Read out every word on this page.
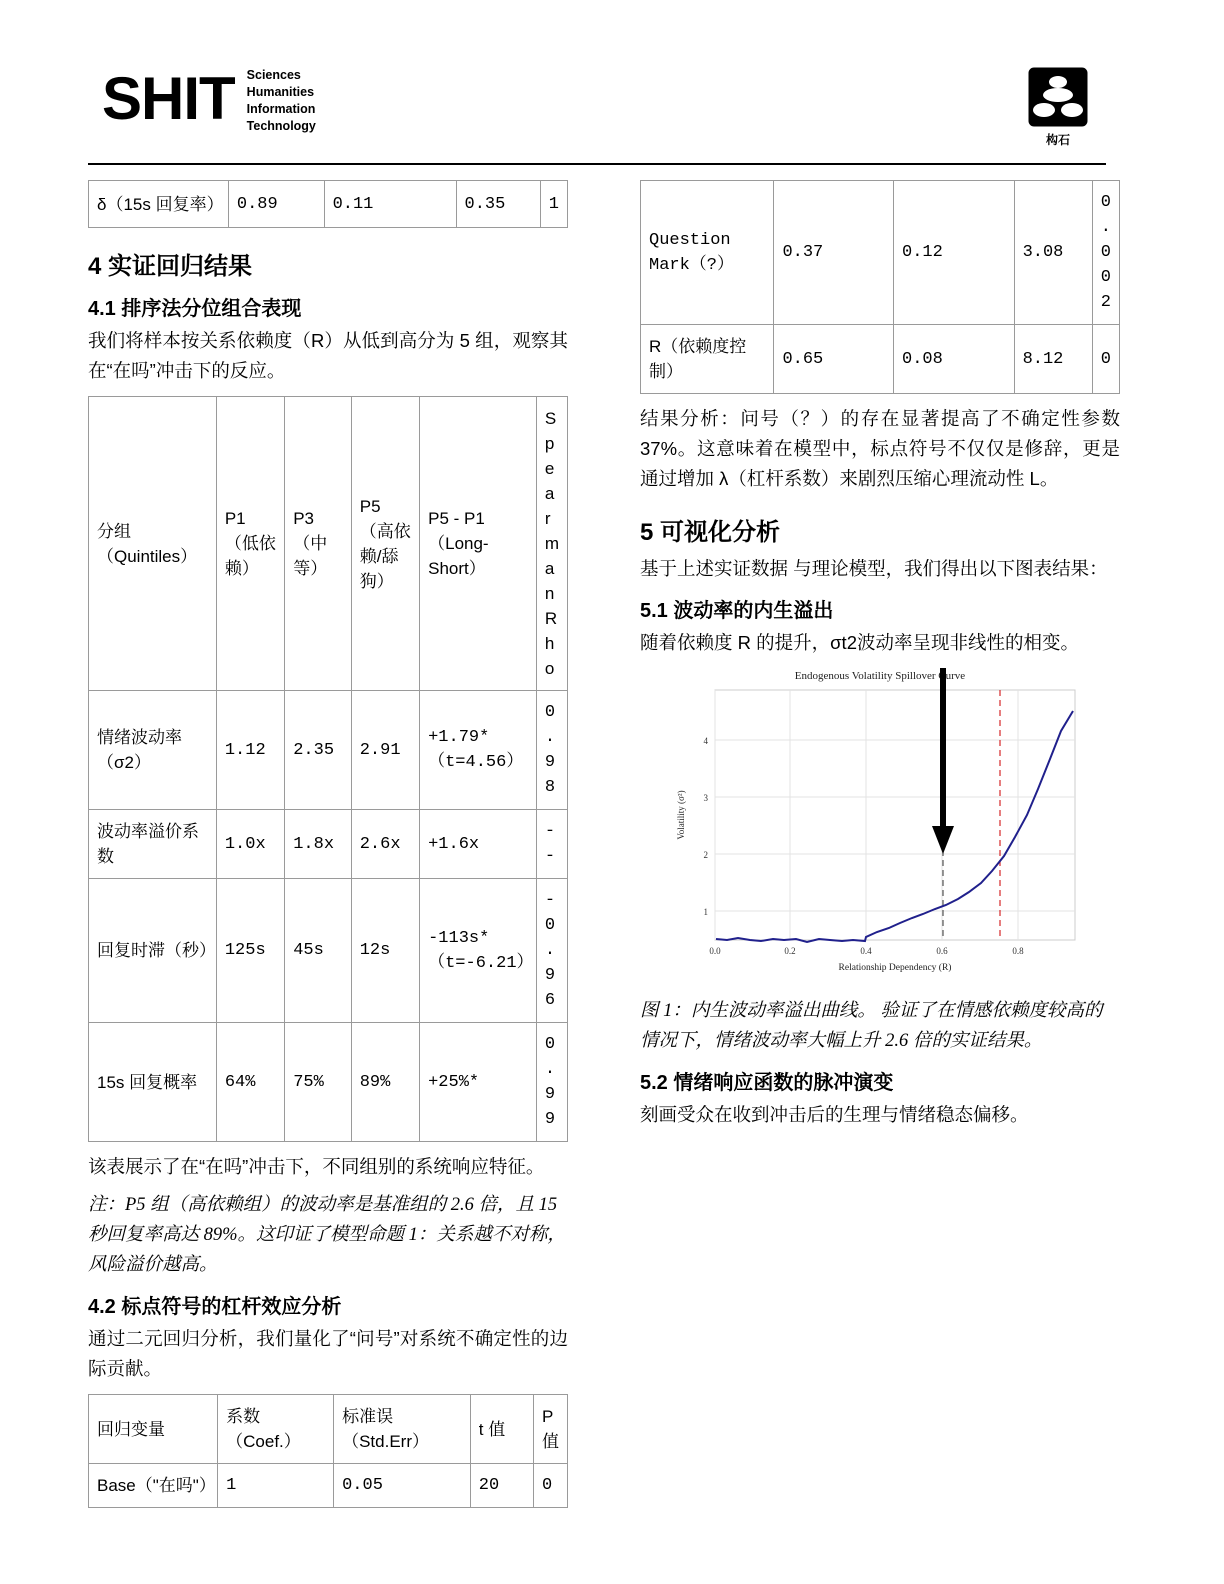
SHIT Sciences
Humanities
Information
Technology
构石
δ（15s 回复率）	0.89	0.11	0.35	1
4 实证回归结果
4.1 排序法分位组合表现

我们将样本按关系依赖度（R）从低到高分为 5 组，观察其在“在吗”冲击下的反应。

分组（Quintiles）	P1（低依赖）	P3（中等）	P5（高依赖/舔狗）	P5 - P1（Long-Short）	Spearman Rho
情绪波动率（σ2）	1.12	2.35	2.91	+1.79*（t=4.56）	0.98
波动率溢价系数	1.0x	1.8x	2.6x	+1.6x	--
回复时滞（秒）	125s	45s	12s	-113s*（t=-6.21）	-0.96
15s 回复概率	64%	75%	89%	+25%*	0.99

该表展示了在“在吗”冲击下，不同组别的系统响应特征。

注：P5 组（高依赖组）的波动率是基准组的 2.6 倍，且 15 秒回复率高达 89%。这印证了模型命题 1：关系越不对称，风险溢价越高。

4.2 标点符号的杠杆效应分析

通过二元回归分析，我们量化了“问号”对系统不确定性的边际贡献。

回归变量	系数（Coef.）	标准误（Std.Err）	t 值	P 值
Base（"在吗"）	1	0.05	20	0
Question Mark（?）	0.37	0.12	3.08	0.002
R（依赖度控制）	0.65	0.08	8.12	0

结果分析：问号（？）的存在显著提高了不确定性参数 37%。这意味着在模型中，标点符号不仅仅是修辞，更是通过增加 λ（杠杆系数）来剧烈压缩心理流动性 L。

5 可视化分析

基于上述实证数据 与理论模型，我们得出以下图表结果：

5.1 波动率的内生溢出

随着依赖度 R 的提升，σt2波动率呈现非线性的相变。

Endogenous Volatility Spillover Curve
1
2
3
4
0.0	0.2	0.4	0.6	0.8
Relationship Dependency (R)
Volatility (σ²)

图 1：内生波动率溢出曲线。 验证了在情感依赖度较高的情况下，情绪波动率大幅上升 2.6 倍的实证结果。

5.2 情绪响应函数的脉冲演变

刻画受众在收到冲击后的生理与情绪稳态偏移。
